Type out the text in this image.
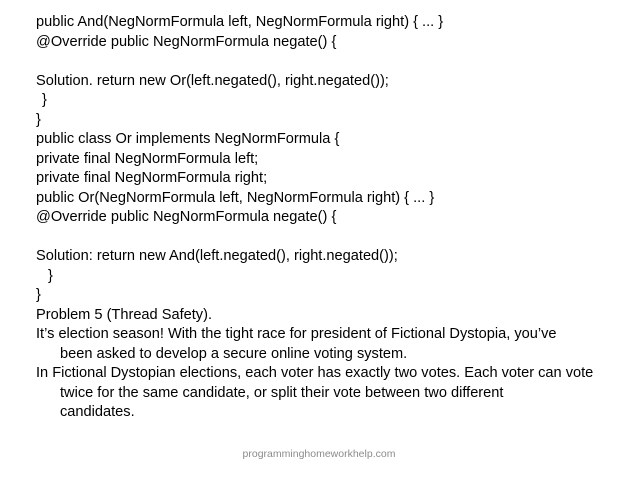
public And(NegNormFormula left, NegNormFormula right) { ... }
@Override public NegNormFormula negate() {
Solution. return new Or(left.negated(), right.negated());
}
}
public class Or implements NegNormFormula {
private final NegNormFormula left;
private final NegNormFormula right;
public Or(NegNormFormula left, NegNormFormula right) { ... }
@Override public NegNormFormula negate() {
Solution: return new And(left.negated(), right.negated());
}
}
Problem 5 (Thread Safety).
It’s election season! With the tight race for president of Fictional Dystopia, you’ve
been asked to develop a secure online voting system.
In Fictional Dystopian elections, each voter has exactly two votes. Each voter can vote
twice for the same candidate, or split their vote between two different
candidates.
programminghomeworkhelp.com
